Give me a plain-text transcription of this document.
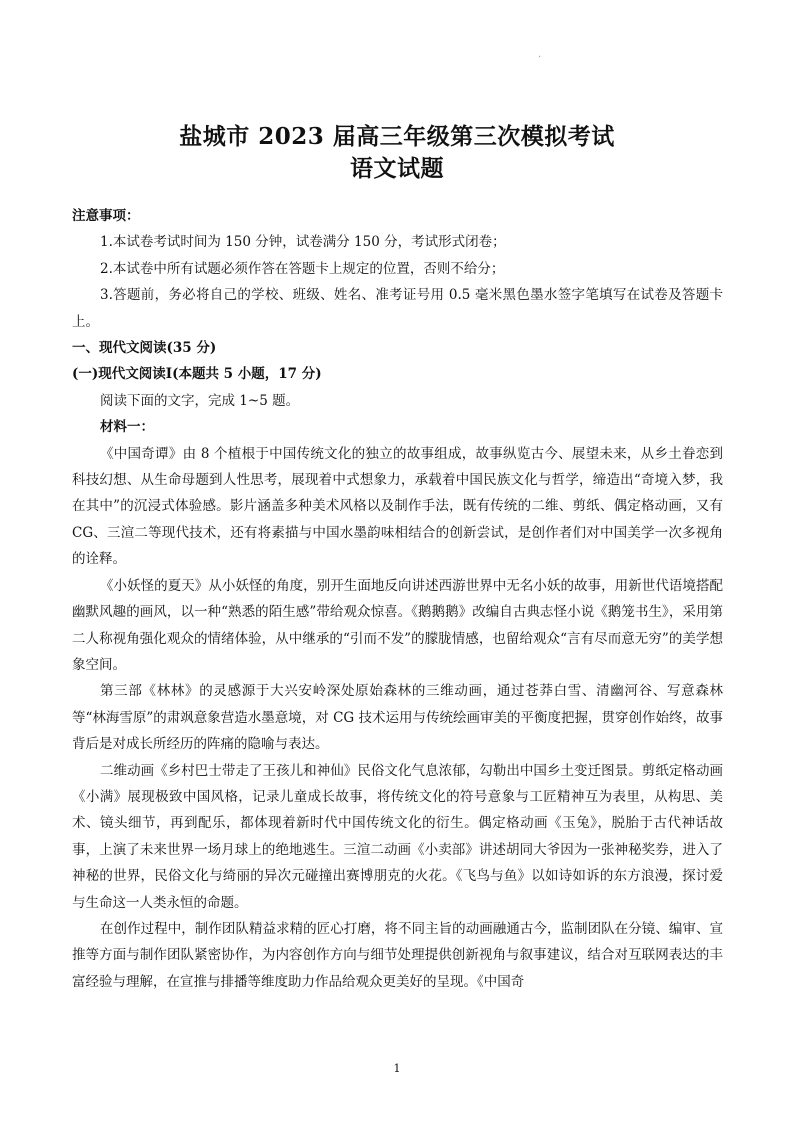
·
盐城市 2023 届高三年级第三次模拟考试
语文试题
注意事项：
1.本试卷考试时间为 150 分钟，试卷满分 150 分，考试形式闭卷；
2.本试卷中所有试题必须作答在答题卡上规定的位置，否则不给分；
3.答题前，务必将自己的学校、班级、姓名、准考证号用 0.5 毫米黑色墨水签字笔填写在试卷及答题卡上。
一、现代文阅读(35 分)
(一)现代文阅读Ⅰ(本题共 5 小题，17 分)
阅读下面的文字，完成 1~5 题。
材料一：
《中国奇谭》由 8 个植根于中国传统文化的独立的故事组成，故事纵览古今、展望未来，从乡土眷恋到科技幻想、从生命母题到人性思考，展现着中式想象力，承载着中国民族文化与哲学，缔造出“奇境入梦，我在其中”的沉浸式体验感。影片涵盖多种美术风格以及制作手法，既有传统的二维、剪纸、偶定格动画，又有 CG、三渲二等现代技术，还有将素描与中国水墨韵味相结合的创新尝试，是创作者们对中国美学一次多视角的诠释。
《小妖怪的夏天》从小妖怪的角度，别开生面地反向讲述西游世界中无名小妖的故事，用新世代语境搭配幽默风趣的画风，以一种“熟悉的陌生感”带给观众惊喜。《鹅鹅鹅》改编自古典志怪小说《鹅笼书生》，采用第二人称视角强化观众的情绪体验，从中继承的“引而不发”的朦胧情感，也留给观众“言有尽而意无穷”的美学想象空间。
第三部《林林》的灵感源于大兴安岭深处原始森林的三维动画，通过苍莽白雪、清幽河谷、写意森林等“林海雪原”的肃飒意象营造水墨意境，对 CG 技术运用与传统绘画审美的平衡度把握，贯穿创作始终，故事背后是对成长所经历的阵痛的隐喻与表达。
二维动画《乡村巴士带走了王孩儿和神仙》民俗文化气息浓郁，勾勒出中国乡土变迁图景。剪纸定格动画《小满》展现极致中国风格，记录儿童成长故事，将传统文化的符号意象与工匠精神互为表里，从构思、美术、镜头细节，再到配乐，都体现着新时代中国传统文化的衍生。偶定格动画《玉兔》，脱胎于古代神话故事，上演了未来世界一场月球上的绝地逃生。三渲二动画《小卖部》讲述胡同大爷因为一张神秘奖券，进入了神秘的世界，民俗文化与绮丽的异次元碰撞出赛博朋克的火花。《飞鸟与鱼》以如诗如诉的东方浪漫，探讨爱与生命这一人类永恒的命题。
在创作过程中，制作团队精益求精的匠心打磨，将不同主旨的动画融通古今，监制团队在分镜、编审、宣推等方面与制作团队紧密协作，为内容创作方向与细节处理提供创新视角与叙事建议，结合对互联网表达的丰富经验与理解，在宣推与排播等维度助力作品给观众更美好的呈现。《中国奇
1
